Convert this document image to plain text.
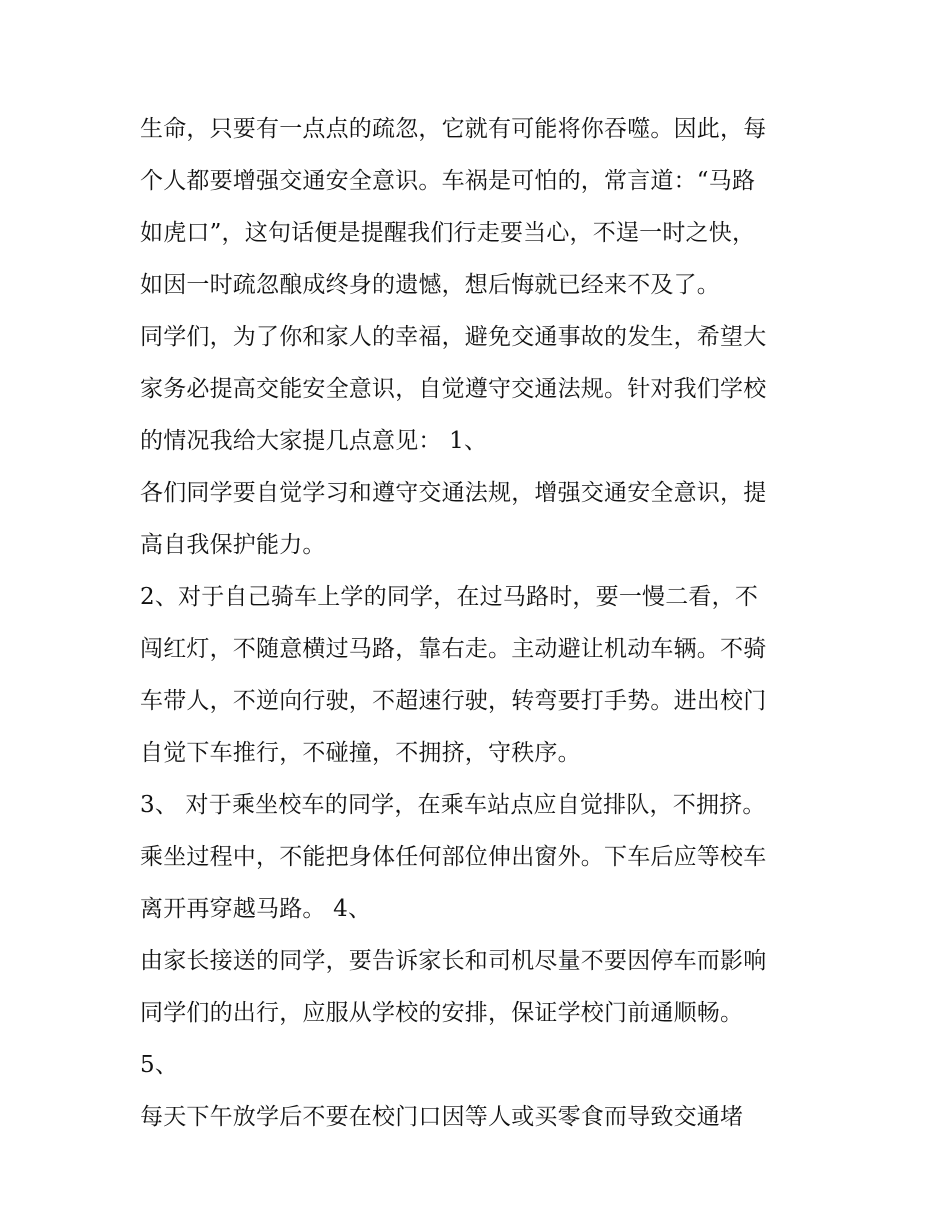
生命，只要有一点点的疏忽，它就有可能将你吞噬。因此，每
个人都要增强交通安全意识。车祸是可怕的，常言道：“马路
如虎口”，这句话便是提醒我们行走要当心，不逞一时之快，
如因一时疏忽酿成终身的遗憾，想后悔就已经来不及了。
同学们，为了你和家人的幸福，避免交通事故的发生，希望大
家务必提高交能安全意识，自觉遵守交通法规。针对我们学校
的情况我给大家提几点意见： 1、
各们同学要自觉学习和遵守交通法规，增强交通安全意识，提
高自我保护能力。
2、对于自己骑车上学的同学，在过马路时，要一慢二看，不
闯红灯，不随意横过马路，靠右走。主动避让机动车辆。不骑
车带人，不逆向行驶，不超速行驶，转弯要打手势。进出校门
自觉下车推行，不碰撞，不拥挤，守秩序。
3、 对于乘坐校车的同学，在乘车站点应自觉排队，不拥挤。
乘坐过程中，不能把身体任何部位伸出窗外。下车后应等校车
离开再穿越马路。 4、
由家长接送的同学，要告诉家长和司机尽量不要因停车而影响
同学们的出行，应服从学校的安排，保证学校门前通顺畅。
5、
每天下午放学后不要在校门口因等人或买零食而导致交通堵
